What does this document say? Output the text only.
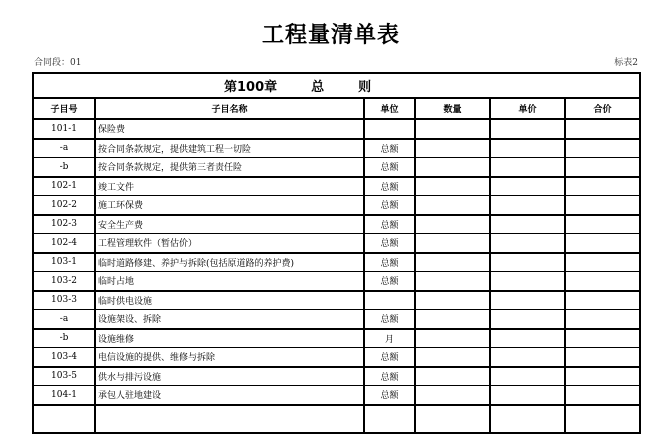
工程量清单表
合同段：01	标表2
第100章 总 则					
子目号	子目名称	单位	数量	单价	合价
101-1	保险费				
-a	按合同条款规定，提供建筑工程一切险	总额			
-b	按合同条款规定，提供第三者责任险	总额			
102-1	竣工文件	总额			
102-2	施工环保费	总额			
102-3	安全生产费	总额			
102-4	工程管理软件（暂估价）	总额			
103-1	临时道路修建、养护与拆除(包括原道路的养护费)	总额			
103-2	临时占地	总额			
103-3	临时供电设施				
-a	设施架设、拆除	总额			
-b	设施维修	月			
103-4	电信设施的提供、维修与拆除	总额			
103-5	供水与排污设施	总额			
104-1	承包人驻地建设	总额			
